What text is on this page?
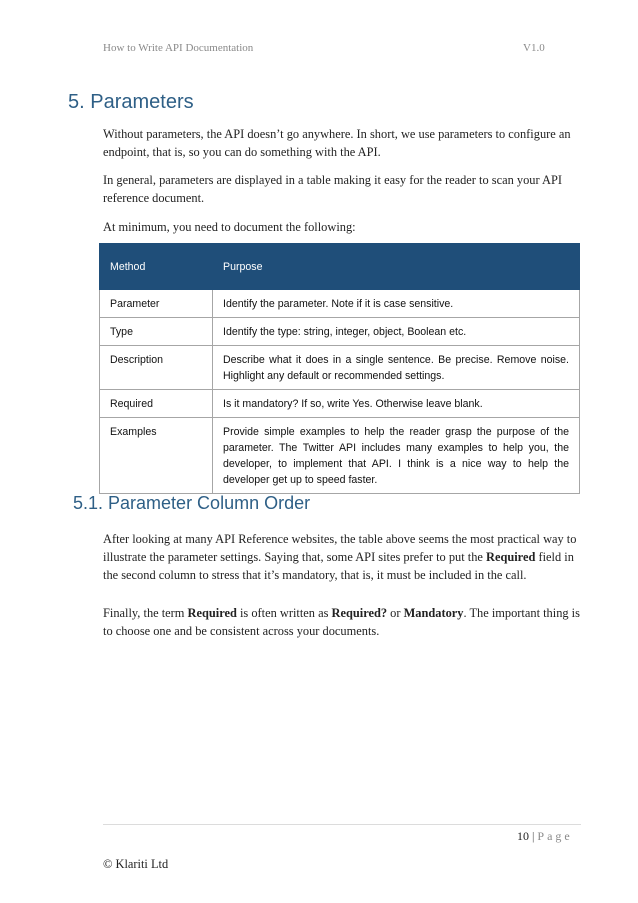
How to Write API Documentation	V1.0
5. Parameters
Without parameters, the API doesn’t go anywhere. In short, we use parameters to configure an endpoint, that is, so you can do something with the API.
In general, parameters are displayed in a table making it easy for the reader to scan your API reference document.
At minimum, you need to document the following:
Method	Purpose
Parameter	Identify the parameter. Note if it is case sensitive.
Type	Identify the type: string, integer, object, Boolean etc.
Description	Describe what it does in a single sentence. Be precise. Remove noise. Highlight any default or recommended settings.
Required	Is it mandatory? If so, write Yes. Otherwise leave blank.
Examples	Provide simple examples to help the reader grasp the purpose of the parameter. The Twitter API includes many examples to help you, the developer, to implement that API. I think is a nice way to help the developer get up to speed faster.
5.1. Parameter Column Order
After looking at many API Reference websites, the table above seems the most practical way to illustrate the parameter settings. Saying that, some API sites prefer to put the Required field in the second column to stress that it’s mandatory, that is, it must be included in the call.
Finally, the term Required is often written as Required? or Mandatory. The important thing is to choose one and be consistent across your documents.
10 | Page
© Klariti Ltd
